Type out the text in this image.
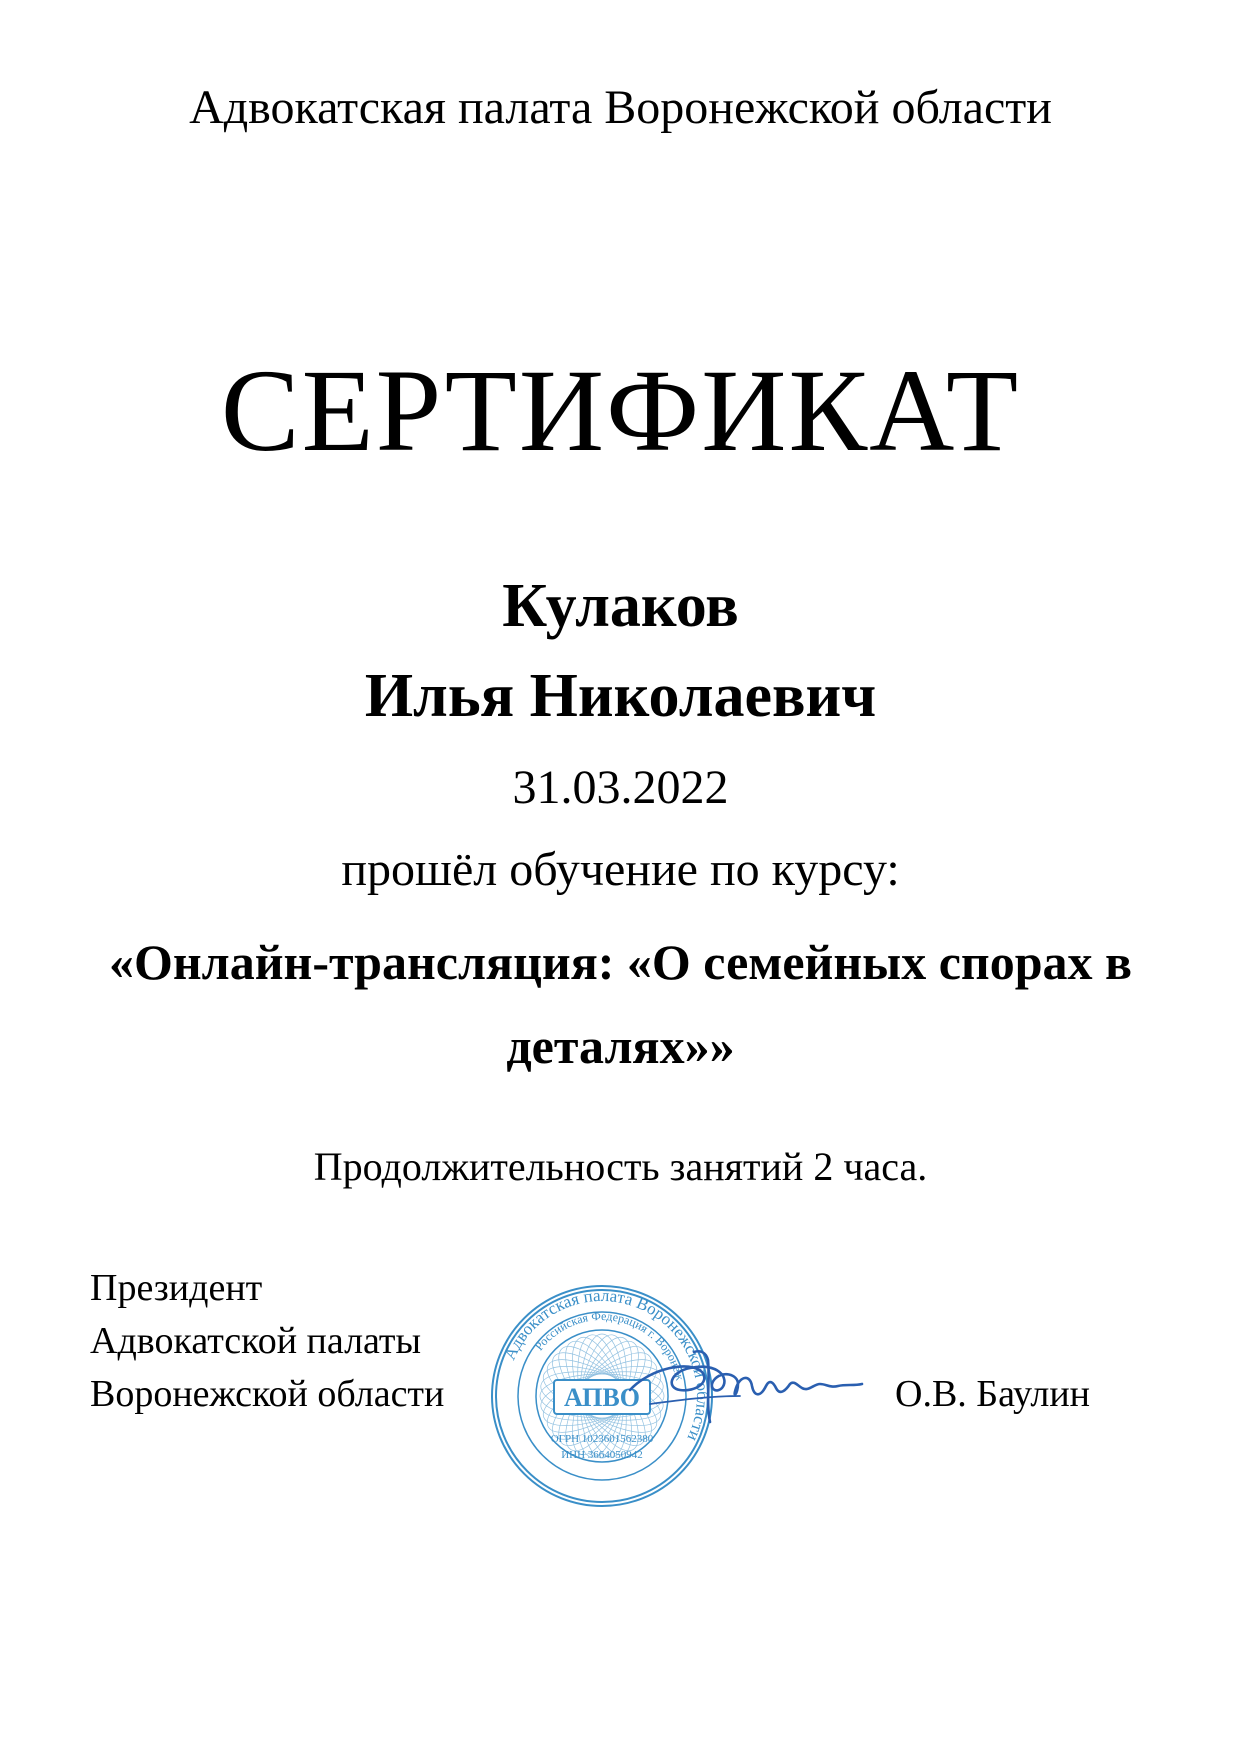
Адвокатская палата Воронежской области
СЕРТИФИКАТ
Кулаков
Илья Николаевич
31.03.2022
прошёл обучение по курсу:
«Онлайн-трансляция: «О семейных спорах в деталях»»
Продолжительность занятий 2 часа.
Президент
Адвокатской палаты
Воронежской области
Адвокатская палата Воронежской области
Российская Федерация г. Воронеж
АПВО
ОГРН 1023601562380
ИНН 3664050942
О.В. Баулин
